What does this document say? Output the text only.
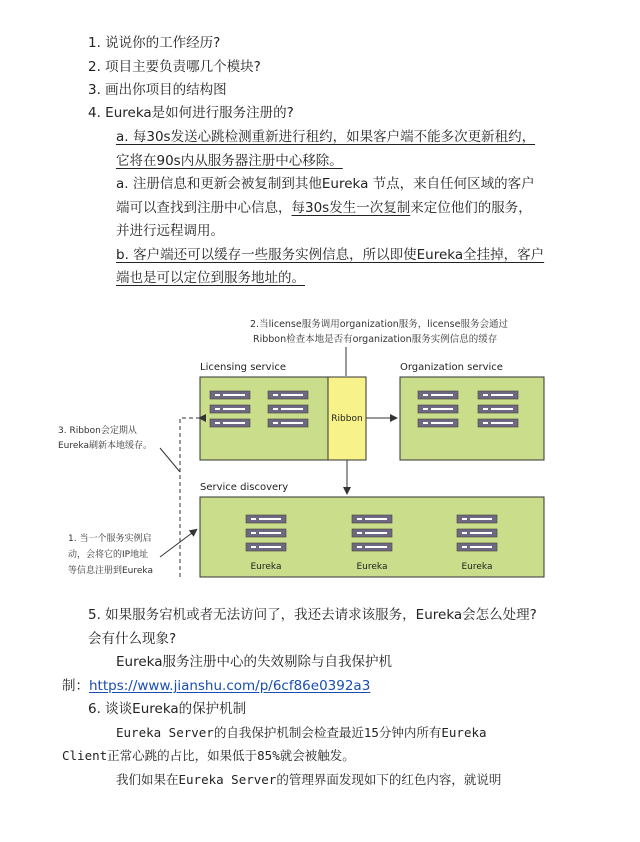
1. 说说你的工作经历?
2. 项目主要负责哪几个模块?
3. 画出你项目的结构图
4. Eureka是如何进行服务注册的?
a. 每30s发送心跳检测重新进行租约，如果客户端不能多次更新租约，
它将在90s内从服务器注册中心移除。
a. 注册信息和更新会被复制到其他Eureka 节点，来自任何区域的客户
端可以查找到注册中心信息，每30s发生一次复制来定位他们的服务，
并进行远程调用。
b. 客户端还可以缓存一些服务实例信息，所以即使Eureka全挂掉，客户
端也是可以定位到服务地址的。
2.当license服务调用organization服务，license服务会通过
Ribbon检查本地是否有organization服务实例信息的缓存
Licensing service	Organization service
Ribbon
Service discovery
Eureka	Eureka	Eureka
3. Ribbon会定期从
Eureka刷新本地缓存。
1. 当一个服务实例启
动，会将它的IP地址
等信息注册到Eureka
5. 如果服务宕机或者无法访问了，我还去请求该服务，Eureka会怎么处理?
会有什么现象?
Eureka服务注册中心的失效剔除与自我保护机
制：https://www.jianshu.com/p/6cf86e0392a3
6. 谈谈Eureka的保护机制
Eureka Server的自我保护机制会检查最近15分钟内所有Eureka
Client正常心跳的占比，如果低于85%就会被触发。
我们如果在Eureka Server的管理界面发现如下的红色内容，就说明
